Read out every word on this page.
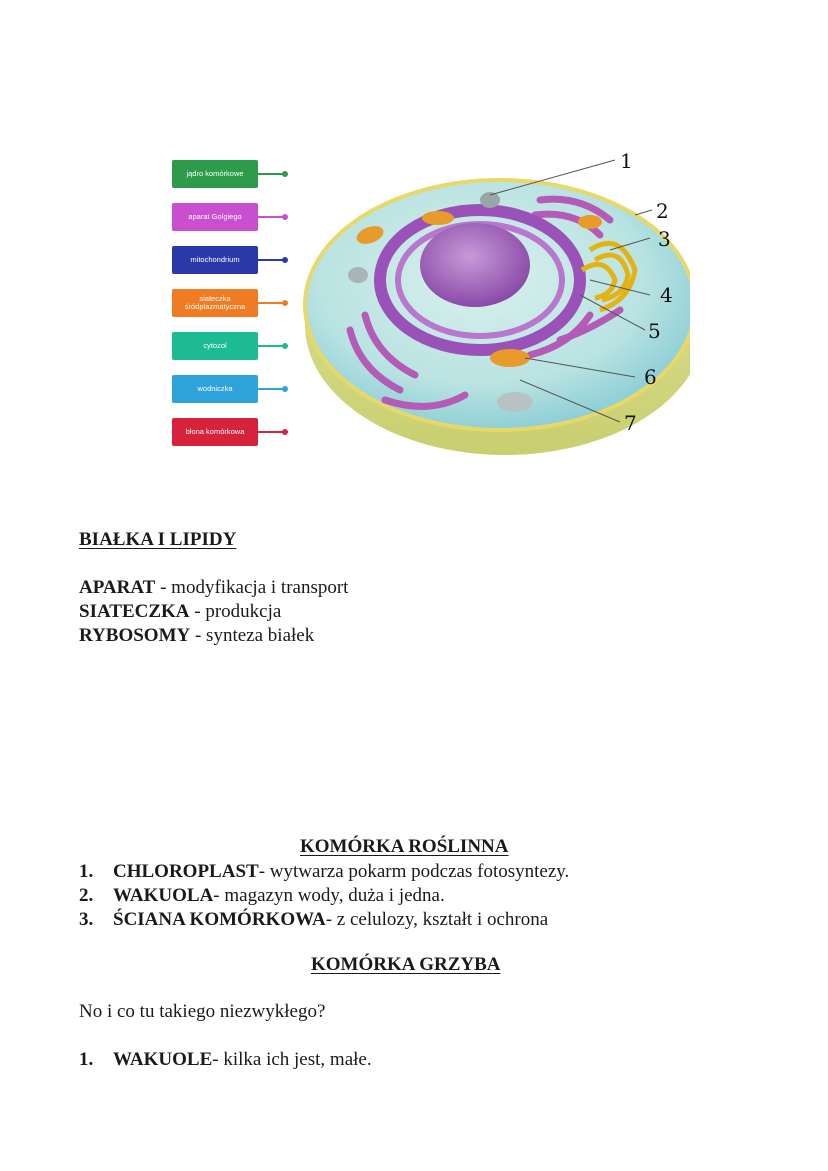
jądro komórkowe
aparat Golgiego
mitochondrium
siateczka śródplazmatyczna
cytozol
wodniczka
błona komórkowa
1
2
3
4
5
6
7
BIAŁKA I LIPIDY
APARAT - modyfikacja i transport
SIATECZKA - produkcja
RYBOSOMY - synteza białek
KOMÓRKA ROŚLINNA
1.	CHLOROPLAST - wytwarza pokarm podczas fotosyntezy.
2.	WAKUOLA - magazyn wody, duża i jedna.
3.	ŚCIANA KOMÓRKOWA - z celulozy, kształt i ochrona
KOMÓRKA GRZYBA
No i co tu takiego niezwykłego?
1.	WAKUOLE - kilka ich jest, małe.
